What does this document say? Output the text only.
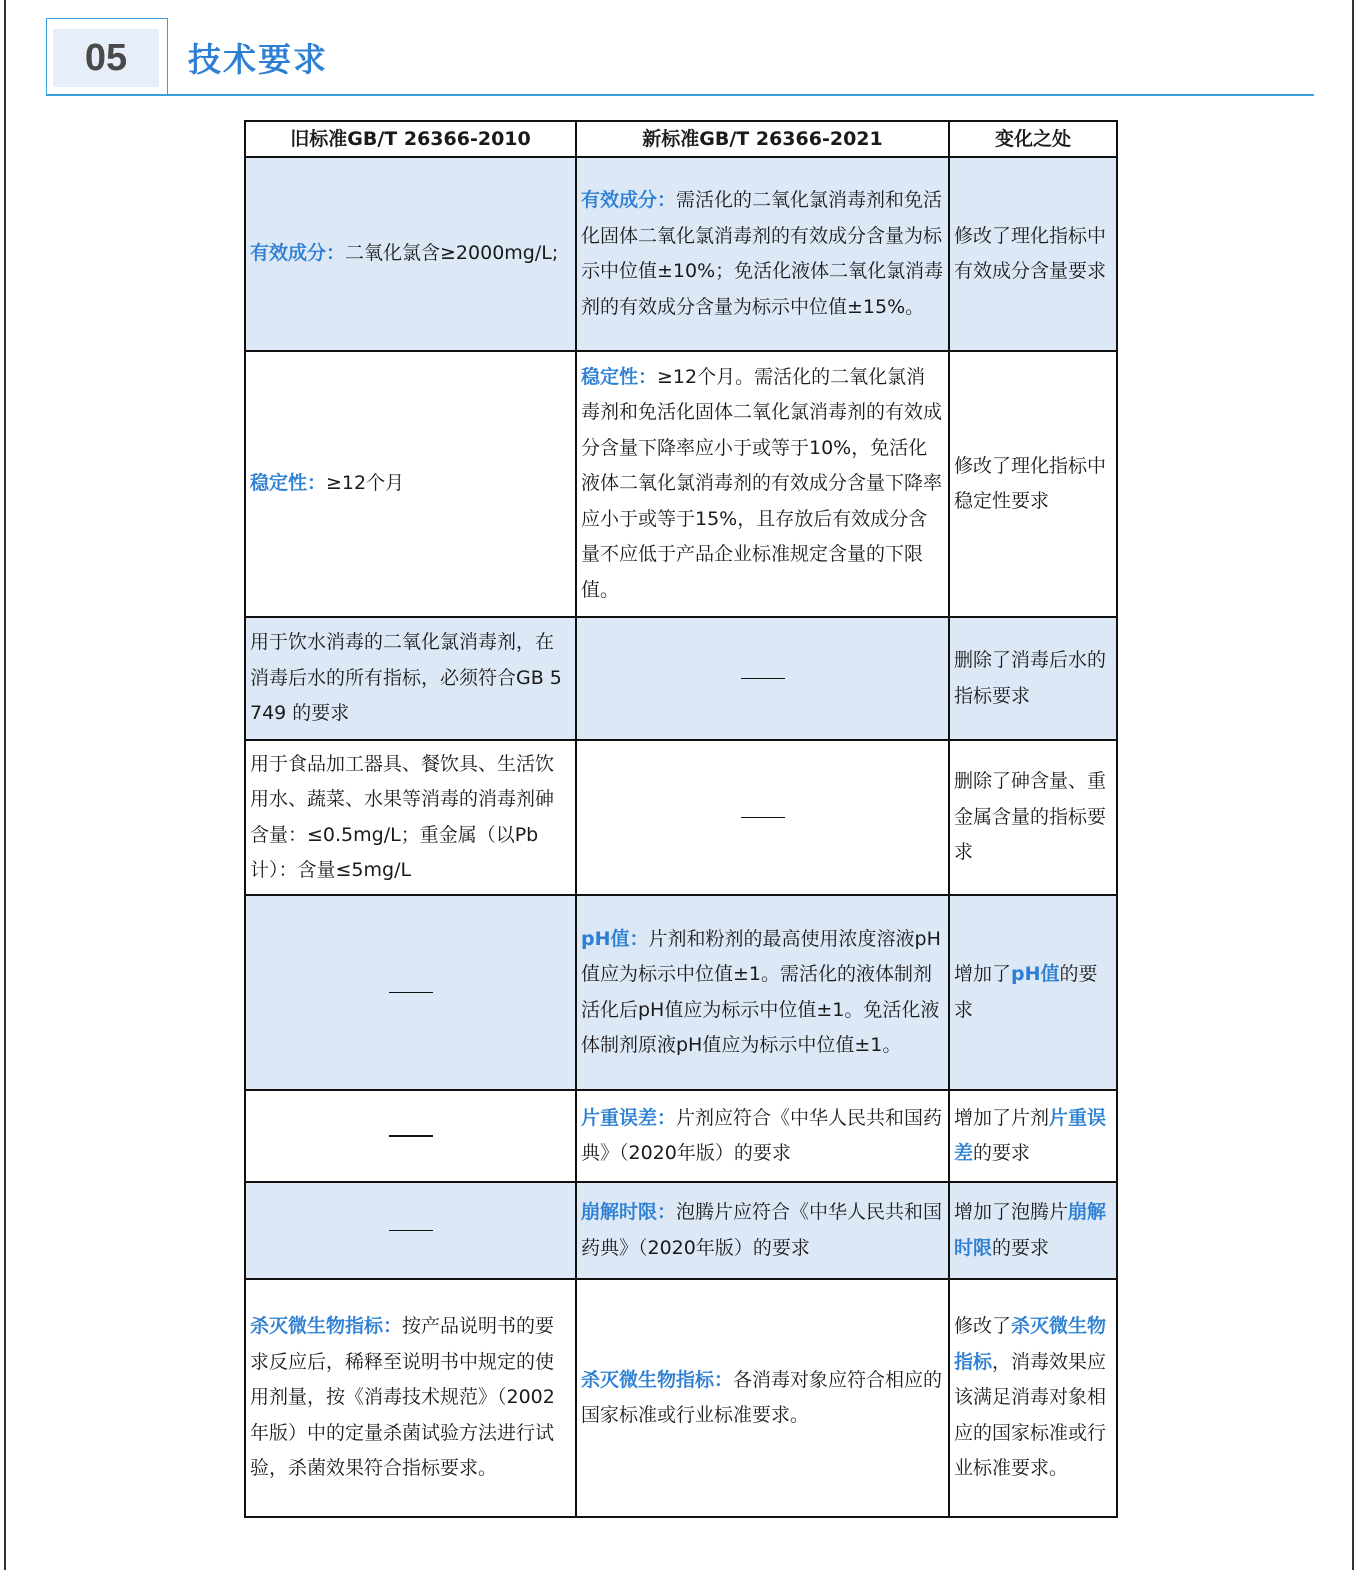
05	技术要求
旧标准GB/T 26366-2010	新标准GB/T 26366-2021	变化之处
有效成分：二氧化氯含≥2000mg/L;	有效成分：需活化的二氧化氯消毒剂和免活化固体二氧化氯消毒剂的有效成分含量为标示中位值±10%；免活化液体二氧化氯消毒剂的有效成分含量为标示中位值±15%。	修改了理化指标中有效成分含量要求
稳定性：≥12个月	稳定性：≥12个月。需活化的二氧化氯消毒剂和免活化固体二氧化氯消毒剂的有效成分含量下降率应小于或等于10%，免活化液体二氧化氯消毒剂的有效成分含量下降率应小于或等于15%，且存放后有效成分含量不应低于产品企业标准规定含量的下限值。	修改了理化指标中稳定性要求
用于饮水消毒的二氧化氯消毒剂，在消毒后水的所有指标，必须符合GB 5749 的要求		删除了消毒后水的指标要求
用于食品加工器具、餐饮具、生活饮用水、蔬菜、水果等消毒的消毒剂砷含量：≤0.5mg/L；重金属（以Pb计）：含量≤5mg/L		删除了砷含量、重金属含量的指标要求
	pH值：片剂和粉剂的最高使用浓度溶液pH值应为标示中位值±1。需活化的液体制剂活化后pH值应为标示中位值±1。免活化液体制剂原液pH值应为标示中位值±1。	增加了pH值的要求
	片重误差：片剂应符合《中华人民共和国药典》（2020年版）的要求	增加了片剂片重误差的要求
	崩解时限：泡腾片应符合《中华人民共和国药典》（2020年版）的要求	增加了泡腾片崩解时限的要求
杀灭微生物指标：按产品说明书的要求反应后，稀释至说明书中规定的使用剂量，按《消毒技术规范》（2002年版）中的定量杀菌试验方法进行试验，杀菌效果符合指标要求。	杀灭微生物指标：各消毒对象应符合相应的国家标准或行业标准要求。	修改了杀灭微生物指标，消毒效果应该满足消毒对象相应的国家标准或行业标准要求。
